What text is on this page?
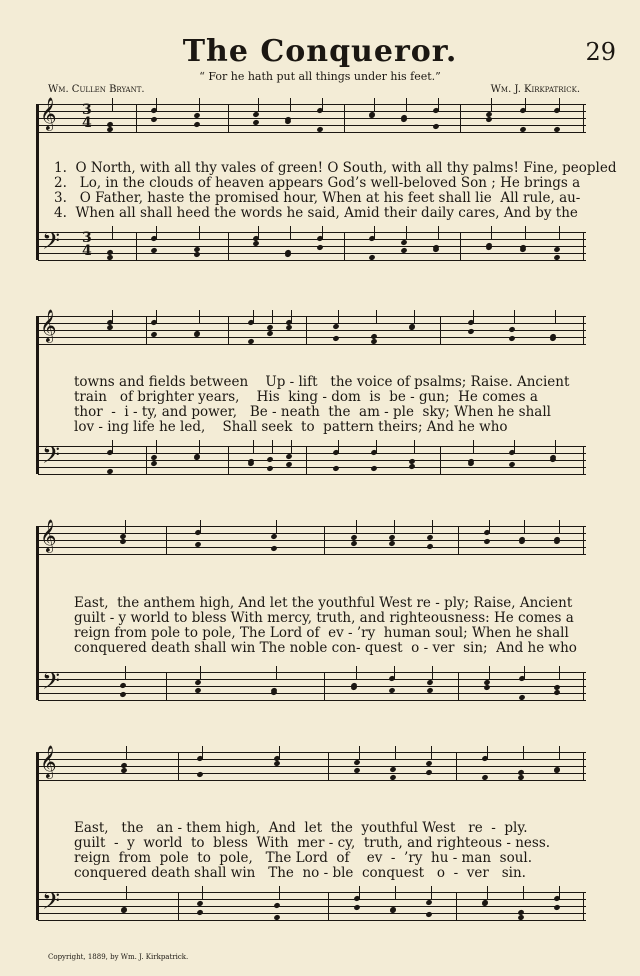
The Conqueror.	29
“ For he hath put all things under his feet.”
Wm. Cullen Bryant.	Wm. J. Kirkpatrick.
𝄞
𝄢
3
4
3
4
1.  O North, with all thy vales of green! O South, with all thy palms! Fine, peopled
2.   Lo, in the clouds of heaven appears God’s well-beloved Son ; He brings a
3.   O Father, haste the promised hour, When at his feet shall lie  All rule, au-
4.  When all shall heed the words he said, Amid their daily cares, And by the
𝄞
𝄢
towns and fields between    Up - lift   the voice of psalms; Raise. Ancient
train   of brighter years,    His  king - dom  is  be - gun;  He comes a
thor  -  i - ty, and power,   Be - neath  the  am - ple  sky; When he shall
lov - ing life he led,    Shall seek  to  pattern theirs; And he who
𝄞
𝄢
East,  the anthem high, And let the youthful West re - ply; Raise, Ancient
guilt - y world to bless With mercy, truth, and righteousness: He comes a
reign from pole to pole, The Lord of  ev - ’ry  human soul; When he shall
conquered death shall win The noble con- quest  o - ver  sin;  And he who
𝄞
𝄢
East,   the   an - them high,  And  let  the  youthful West   re  -  ply.
guilt  -  y  world  to  bless  With  mer - cy,  truth, and righteous - ness.
reign  from  pole  to  pole,   The Lord  of    ev  -  ’ry  hu - man  soul.
conquered death shall win   The  no - ble  conquest   o  -  ver   sin.
Copyright, 1889, by Wm. J. Kirkpatrick.
